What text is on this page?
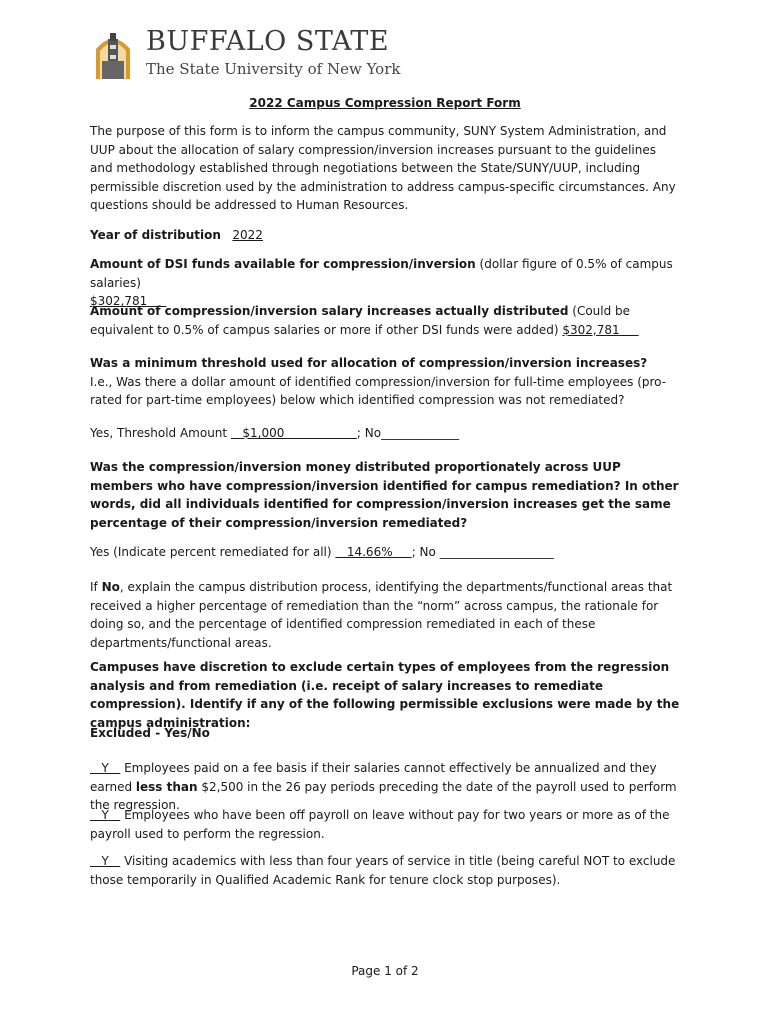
BUFFALO STATE
The State University of New York
2022 Campus Compression Report Form
The purpose of this form is to inform the campus community, SUNY System Administration, and UUP about the allocation of salary compression/inversion increases pursuant to the guidelines and methodology established through negotiations between the State/SUNY/UUP, including permissible discretion used by the administration to address campus-specific circumstances. Any questions should be addressed to Human Resources.
Year of distribution 2022
Amount of DSI funds available for compression/inversion (dollar figure of 0.5% of campus salaries)
$302,781
Amount of compression/inversion salary increases actually distributed (Could be equivalent to 0.5% of campus salaries or more if other DSI funds were added) $302,781
Was a minimum threshold used for allocation of compression/inversion increases?
I.e., Was there a dollar amount of identified compression/inversion for full-time employees (pro-rated for part-time employees) below which identified compression was not remediated?
Yes, Threshold Amount $1,000	; No_____________
Was the compression/inversion money distributed proportionately across UUP members who have compression/inversion identified for campus remediation? In other words, did all individuals identified for compression/inversion increases get the same percentage of their compression/inversion remediated?
Yes (Indicate percent remediated for all) 14.66% ; No ___________________
If No, explain the campus distribution process, identifying the departments/functional areas that received a higher percentage of remediation than the “norm” across campus, the rationale for doing so, and the percentage of identified compression remediated in each of these departments/functional areas.
Campuses have discretion to exclude certain types of employees from the regression analysis and from remediation (i.e. receipt of salary increases to remediate compression). Identify if any of the following permissible exclusions were made by the campus administration:
Excluded - Yes/No
Y Employees paid on a fee basis if their salaries cannot effectively be annualized and they earned less than $2,500 in the 26 pay periods preceding the date of the payroll used to perform the regression.
Y Employees who have been off payroll on leave without pay for two years or more as of the payroll used to perform the regression.
Y Visiting academics with less than four years of service in title (being careful NOT to exclude those temporarily in Qualified Academic Rank for tenure clock stop purposes).
Page 1 of 2
